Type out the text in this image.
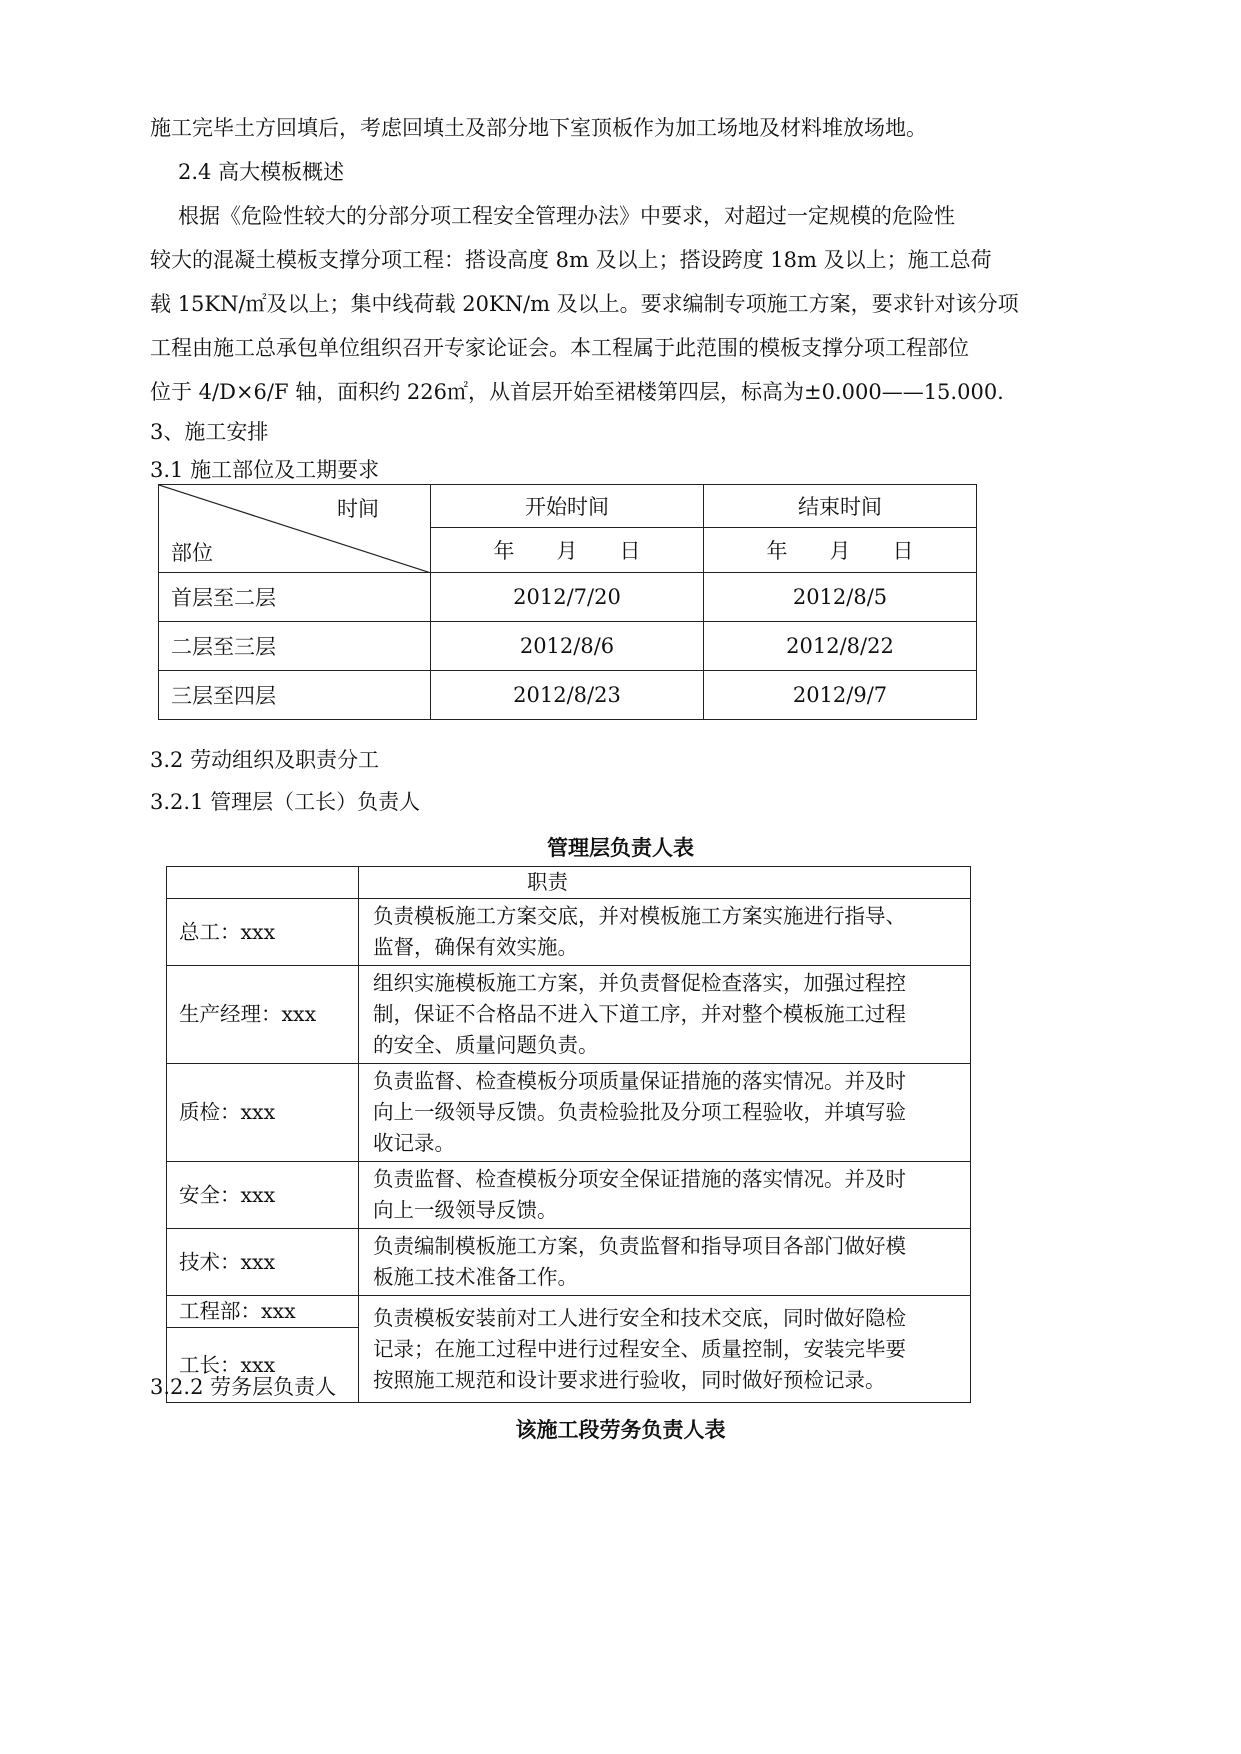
施工完毕土方回填后，考虑回填土及部分地下室顶板作为加工场地及材料堆放场地。
2.4 高大模板概述
根据《危险性较大的分部分项工程安全管理办法》中要求，对超过一定规模的危险性
较大的混凝土模板支撑分项工程：搭设高度 8m 及以上；搭设跨度 18m 及以上；施工总荷
载 15KN/㎡及以上；集中线荷载 20KN/m 及以上。要求编制专项施工方案，要求针对该分项
工程由施工总承包单位组织召开专家论证会。本工程属于此范围的模板支撑分项工程部位
位于 4/D×6/F 轴，面积约 226㎡，从首层开始至裙楼第四层，标高为±0.000——15.000.
3、施工安排
3.1 施工部位及工期要求
时间
部位	开始时间	结束时间
	年　　月　　日	年　　月　　日
首层至二层	2012/7/20	2012/8/5
二层至三层	2012/8/6	2012/8/22
三层至四层	2012/8/23	2012/9/7
3.2 劳动组织及职责分工
3.2.1 管理层（工长）负责人
管理层负责人表
	职责
总工：xxx	负责模板施工方案交底，并对模板施工方案实施进行指导、
监督，确保有效实施。

生产经理：xxx	组织实施模板施工方案，并负责督促检查落实，加强过程控
制，保证不合格品不进入下道工序，并对整个模板施工过程
的安全、质量问题负责。

质检：xxx	负责监督、检查模板分项质量保证措施的落实情况。并及时
向上一级领导反馈。负责检验批及分项工程验收，并填写验
收记录。

安全：xxx	负责监督、检查模板分项安全保证措施的落实情况。并及时
向上一级领导反馈。

技术：xxx	负责编制模板施工方案，负责监督和指导项目各部门做好模
板施工技术准备工作。

工程部：xxx	负责模板安装前对工人进行安全和技术交底，同时做好隐检
记录；在施工过程中进行过程安全、质量控制，安装完毕要
按照施工规范和设计要求进行验收，同时做好预检记录。

工长：xxx	
3.2.2 劳务层负责人
该施工段劳务负责人表
